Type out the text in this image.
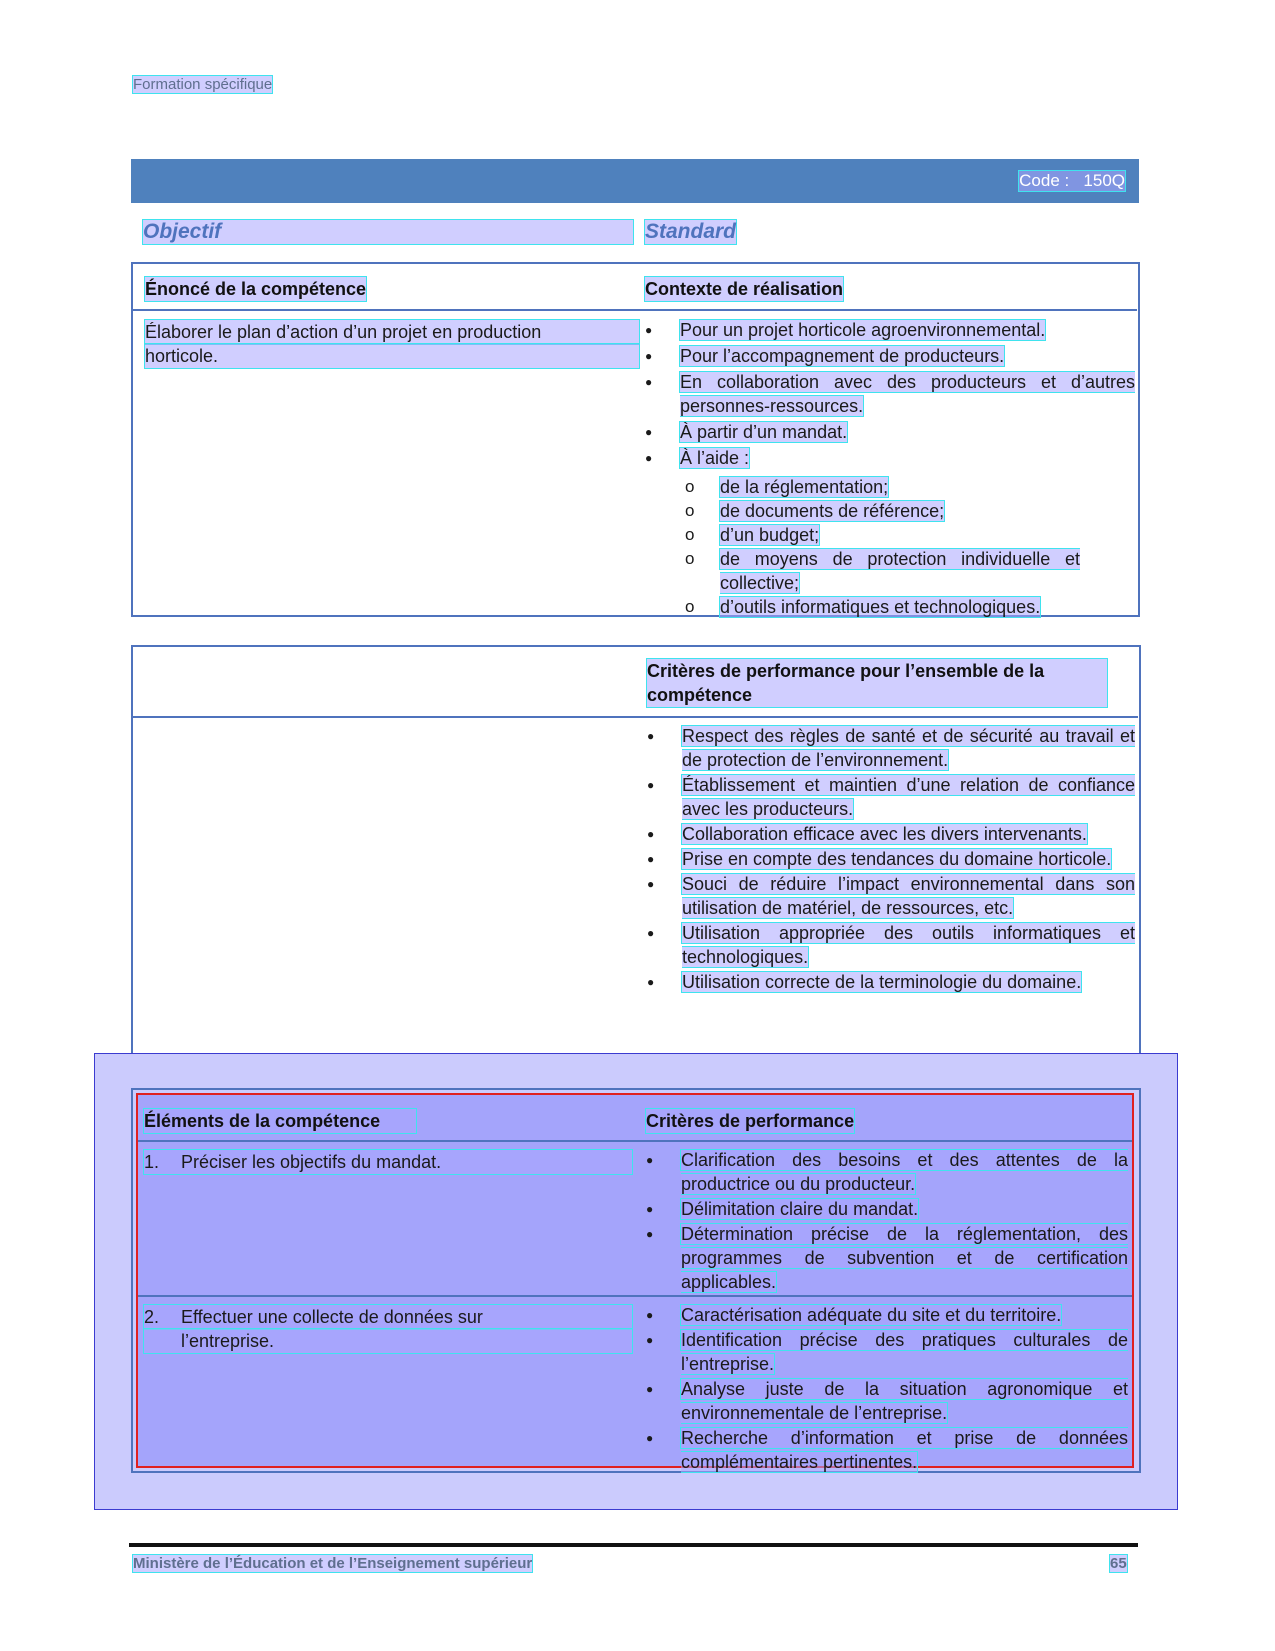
Formation spécifique
Code :   150Q
Objectif	Standard
Énoncé de la compétence	Contexte de réalisation
Élaborer le plan d’action d’un projet en production
horticole.
● Pour un projet horticole agroenvironnemental.
● Pour l’accompagnement de producteurs.
● En collaboration avec des producteurs et d’autres personnes-ressources.
● À partir d’un mandat.
● À l’aide :
o de la réglementation;
o de documents de référence;
o d’un budget;
o de moyens de protection individuelle et collective;
o d’outils informatiques et technologiques.
Critères de performance pour l’ensemble de la compétence
● Respect des règles de santé et de sécurité au travail et de protection de l’environnement.
● Établissement et maintien d’une relation de confiance avec les producteurs.
● Collaboration efficace avec les divers intervenants.
● Prise en compte des tendances du domaine horticole.
● Souci de réduire l’impact environnemental dans son utilisation de matériel, de ressources, etc.
● Utilisation appropriée des outils informatiques et technologiques.
● Utilisation correcte de la terminologie du domaine.
Éléments de la compétence	Critères de performance
1. Préciser les objectifs du mandat.
●	Clarification des besoins et des attentes de la productrice ou du producteur.
● Délimitation claire du mandat.
● Détermination précise de la réglementation, des programmes de subvention et de certification applicables.
2. Effectuer une collecte de données sur
l’entreprise.
● Caractérisation adéquate du site et du territoire.
● Identification précise des pratiques culturales de l’entreprise.
● Analyse juste de la situation agronomique et environnementale de l’entreprise.
● Recherche d’information et prise de données complémentaires pertinentes.
Ministère de l’Éducation et de l’Enseignement supérieur	65
